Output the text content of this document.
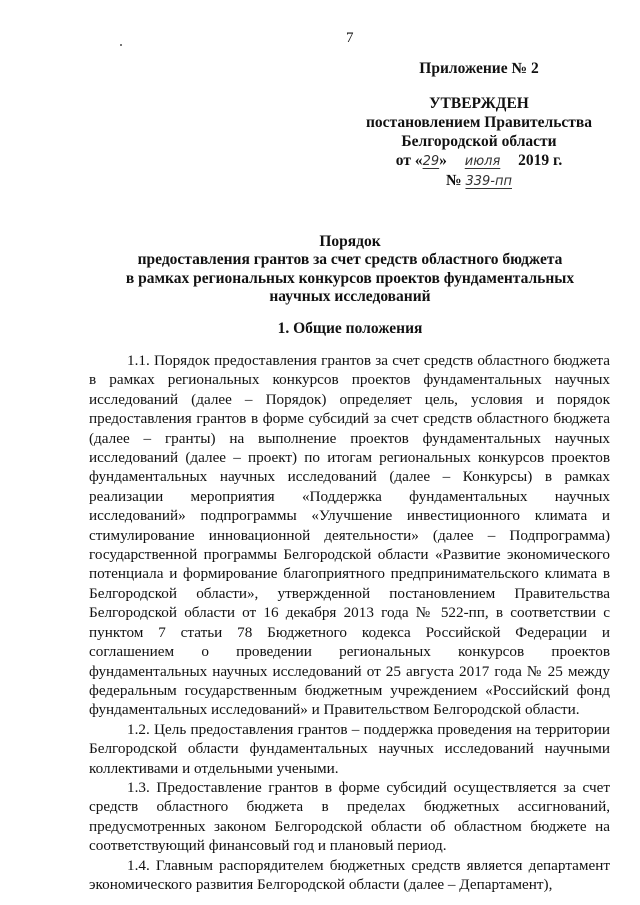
7
Приложение № 2
УТВЕРЖДЕН
постановлением Правительства
Белгородской области
от «29» июля 2019 г.
№ 339-пп
Порядок
предоставления грантов за счет средств областного бюджета
в рамках региональных конкурсов проектов фундаментальных
научных исследований
1. Общие положения

1.1. Порядок предоставления грантов за счет средств областного бюджета в рамках региональных конкурсов проектов фундаментальных научных исследований (далее – Порядок) определяет цель, условия и порядок предоставления грантов в форме субсидий за счет средств областного бюджета (далее – гранты) на выполнение проектов фундаментальных научных исследований (далее – проект) по итогам региональных конкурсов проектов фундаментальных научных исследований (далее – Конкурсы) в рамках реализации мероприятия «Поддержка фундаментальных научных исследований» подпрограммы «Улучшение инвестиционного климата и стимулирование инновационной деятельности» (далее – Подпрограмма) государственной программы Белгородской области «Развитие экономического потенциала и формирование благоприятного предпринимательского климата в Белгородской области», утвержденной постановлением Правительства Белгородской области от 16 декабря 2013 года № 522-пп, в соответствии с пунктом 7 статьи 78 Бюджетного кодекса Российской Федерации и соглашением о проведении региональных конкурсов проектов фундаментальных научных исследований от 25 августа 2017 года № 25 между федеральным государственным бюджетным учреждением «Российский фонд фундаментальных исследований» и Правительством Белгородской области.

1.2. Цель предоставления грантов – поддержка проведения на территории Белгородской области фундаментальных научных исследований научными коллективами и отдельными учеными.

1.3. Предоставление грантов в форме субсидий осуществляется за счет средств областного бюджета в пределах бюджетных ассигнований, предусмотренных законом Белгородской области об областном бюджете на соответствующий финансовый год и плановый период.

1.4. Главным распорядителем бюджетных средств является департамент экономического развития Белгородской области (далее – Департамент),
